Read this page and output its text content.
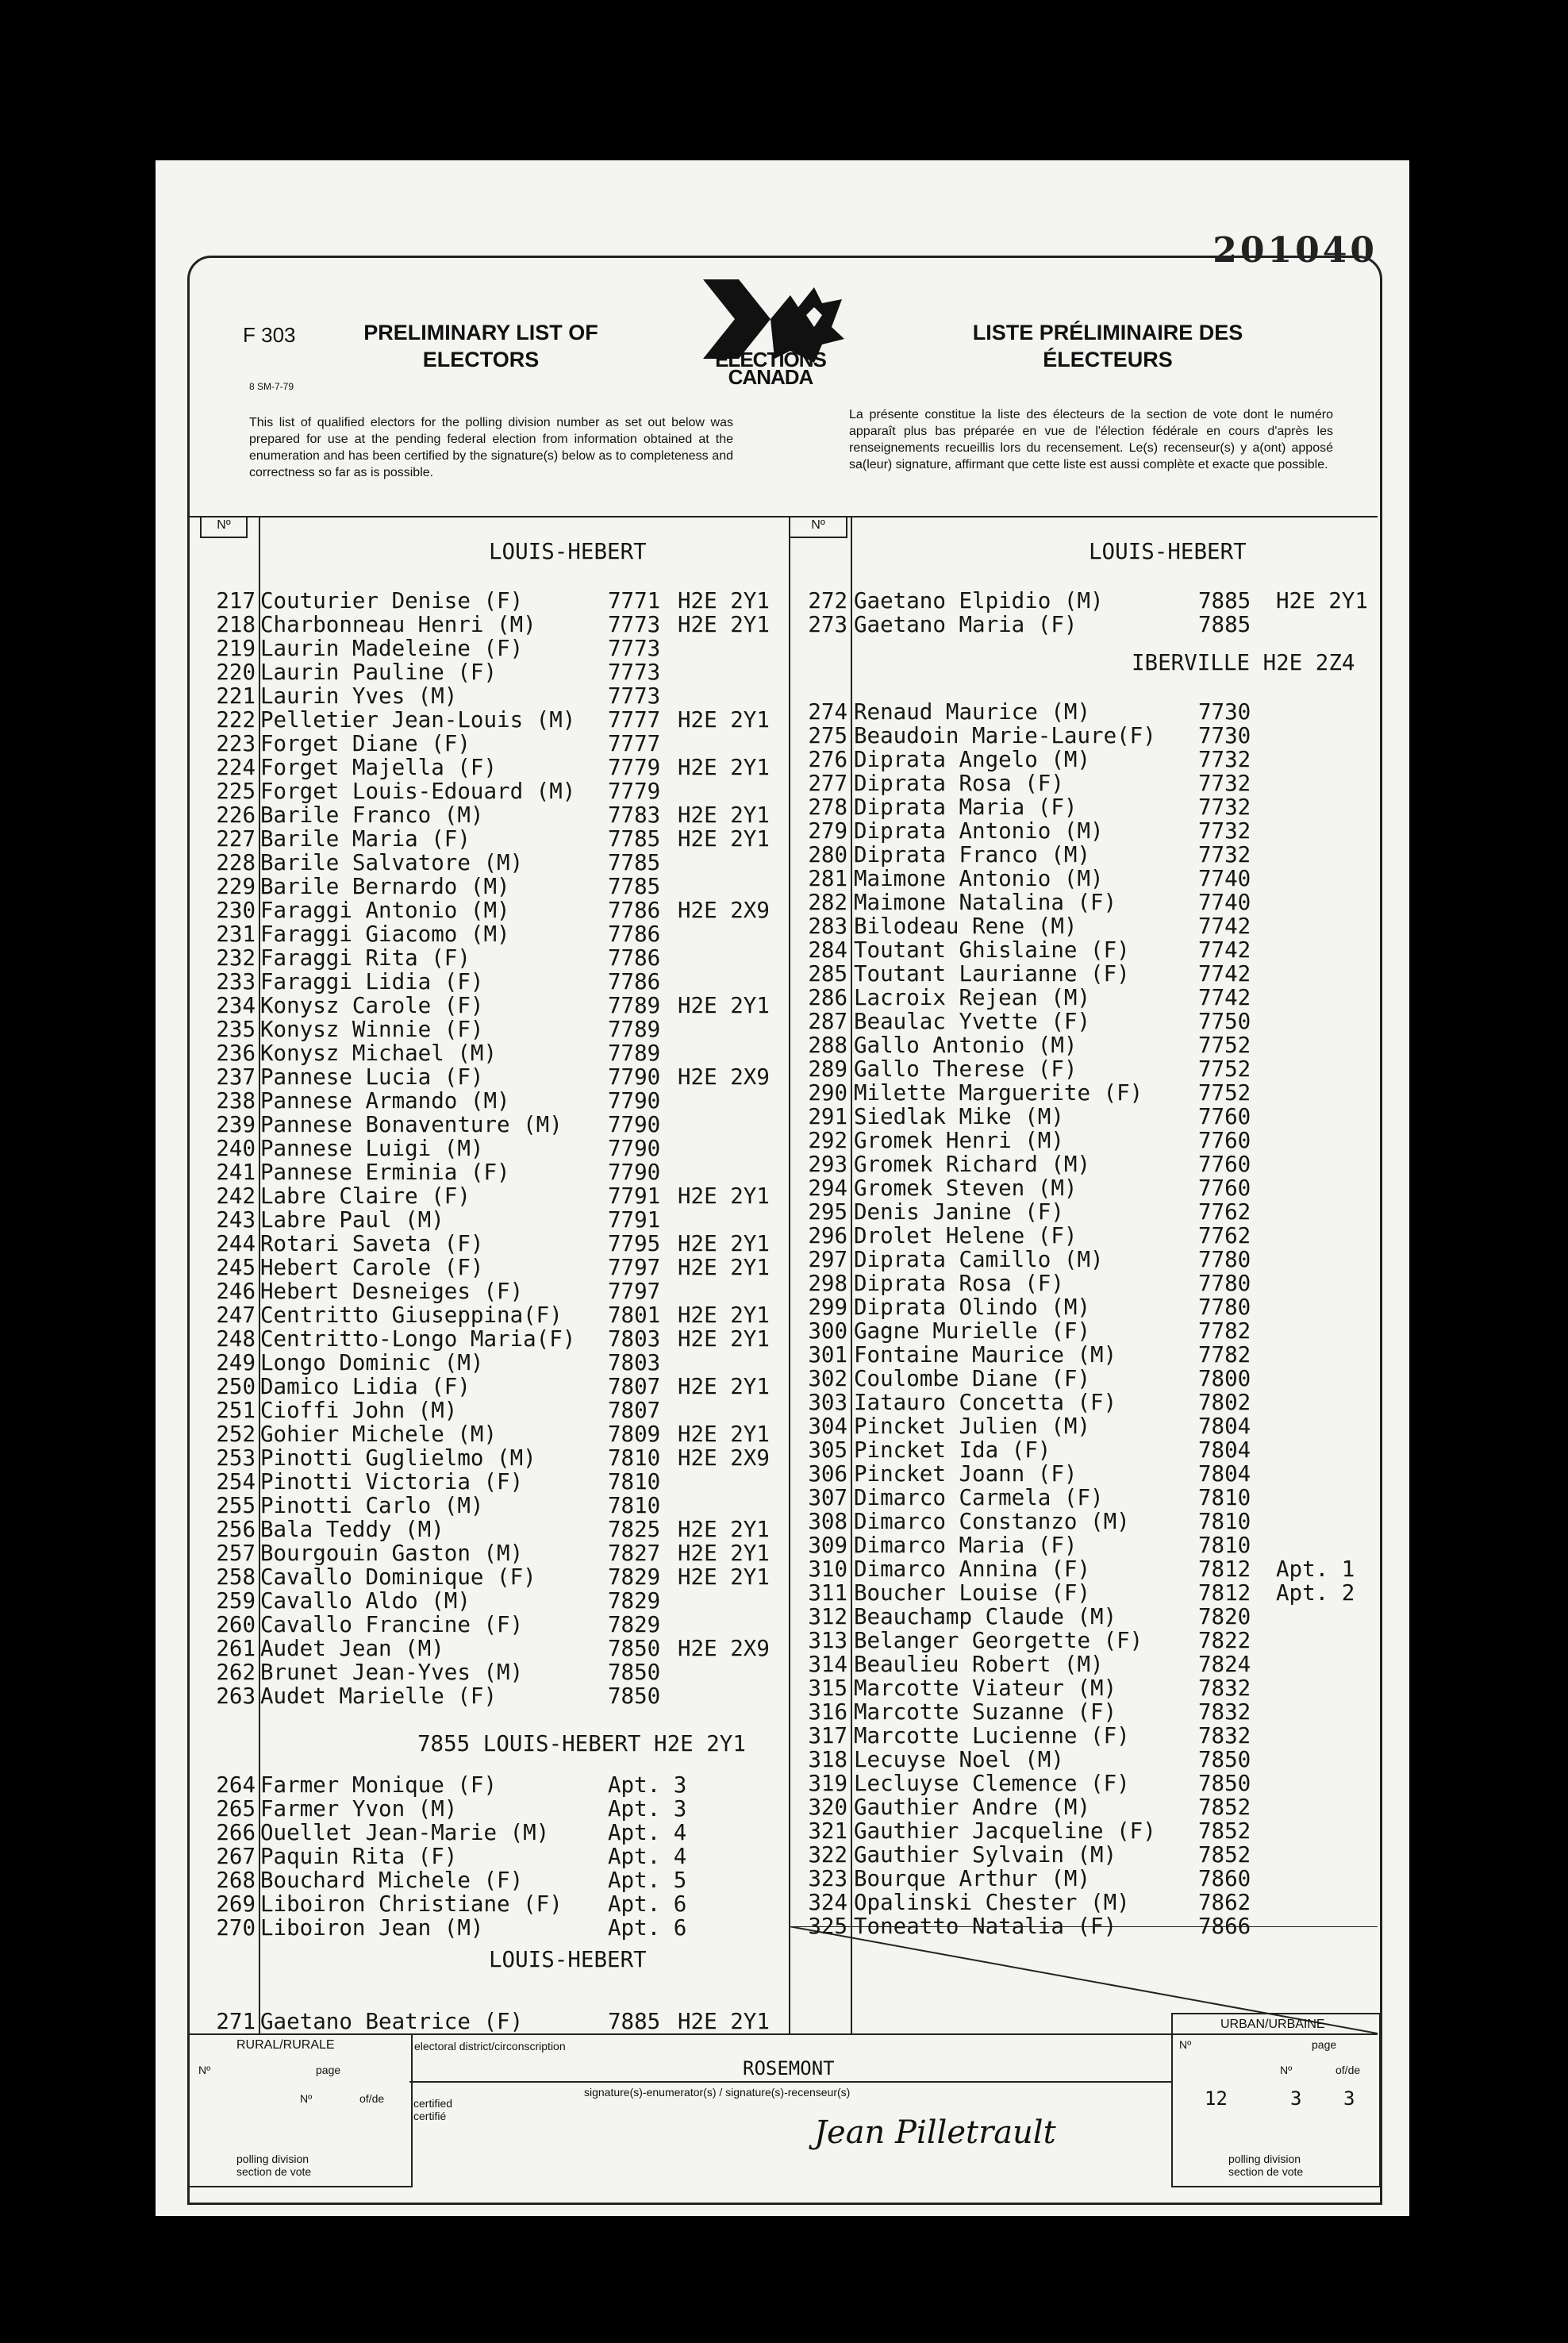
201040
F 303
8 SM-7-79
PRELIMINARY LIST OF
ELECTORS
LISTE PRÉLIMINAIRE DES
ÉLECTEURS
ELECTIONS
CANADA
This list of qualified electors for the polling division number as set out below was prepared for use at the pending federal election from information obtained at the enumeration and has been certified by the signature(s) below as to completeness and correctness so far as is possible.
La présente constitue la liste des électeurs de la section de vote dont le numéro apparaît plus bas préparée en vue de l'élection fédérale en cours d'après les renseignements recueillis lors du recensement. Le(s) recenseur(s) y a(ont) apposé sa(leur) signature, affirmant que cette liste est aussi complète et exacte que possible.
Nº	Nº
LOUIS-HEBERT
217 Couturier Denise (F)	7771 H2E 2Y1
218 Charbonneau Henri (M)	7773 H2E 2Y1
219 Laurin Madeleine (F)	7773
220 Laurin Pauline (F)	7773
221 Laurin Yves (M)	7773
222 Pelletier Jean-Louis (M) 7777 H2E 2Y1
223 Forget Diane (F)	7777
224 Forget Majella (F)	7779 H2E 2Y1
225 Forget Louis-Edouard (M) 7779
226 Barile Franco (M)	7783 H2E 2Y1
227 Barile Maria (F)	7785 H2E 2Y1
228 Barile Salvatore (M)	7785
229 Barile Bernardo (M)	7785
230 Faraggi Antonio (M)	7786 H2E 2X9
231 Faraggi Giacomo (M)	7786
232 Faraggi Rita (F)	7786
233 Faraggi Lidia (F)	7786
234 Konysz Carole (F)	7789 H2E 2Y1
235 Konysz Winnie (F)	7789
236 Konysz Michael (M)	7789
237 Pannese Lucia (F)	7790 H2E 2X9
238 Pannese Armando (M)	7790
239 Pannese Bonaventure (M) 7790
240 Pannese Luigi (M)	7790
241 Pannese Erminia (F)	7790
242 Labre Claire (F)	7791 H2E 2Y1
243 Labre Paul (M)	7791
244 Rotari Saveta (F)	7795 H2E 2Y1
245 Hebert Carole (F)	7797 H2E 2Y1
246 Hebert Desneiges (F)	7797
247 Centritto Giuseppina(F) 7801 H2E 2Y1
248 Centritto-Longo Maria(F) 7803 H2E 2Y1
249 Longo Dominic (M)	7803
250 Damico Lidia (F)	7807 H2E 2Y1
251 Cioffi John (M)	7807
252 Gohier Michele (M)	7809 H2E 2Y1
253 Pinotti Guglielmo (M)	7810 H2E 2X9
254 Pinotti Victoria (F)	7810
255 Pinotti Carlo (M)	7810
256 Bala Teddy (M)	7825 H2E 2Y1
257 Bourgouin Gaston (M)	7827 H2E 2Y1
258 Cavallo Dominique (F)	7829 H2E 2Y1
259 Cavallo Aldo (M)	7829
260 Cavallo Francine (F)	7829
261 Audet Jean (M)	7850 H2E 2X9
262 Brunet Jean-Yves (M)	7850
263 Audet Marielle (F)	7850
7855 LOUIS-HEBERT H2E 2Y1
264 Farmer Monique (F)	Apt. 3
265 Farmer Yvon (M)	Apt. 3
266 Ouellet Jean-Marie (M)	Apt. 4
267 Paquin Rita (F)	Apt. 4
268 Bouchard Michele (F)	Apt. 5
269 Liboiron Christiane (F) Apt. 6
270 Liboiron Jean (M)	Apt. 6
LOUIS-HEBERT
271 Gaetano Beatrice (F)	7885 H2E 2Y1
LOUIS-HEBERT
272 Gaetano Elpidio (M)	7885 H2E 2Y1
273 Gaetano Maria (F)	7885
IBERVILLE H2E 2Z4
274 Renaud Maurice (M)	7730
275 Beaudoin Marie-Laure(F) 7730
276 Diprata Angelo (M)	7732
277 Diprata Rosa (F)	7732
278 Diprata Maria (F)	7732
279 Diprata Antonio (M)	7732
280 Diprata Franco (M)	7732
281 Maimone Antonio (M)	7740
282 Maimone Natalina (F)	7740
283 Bilodeau Rene (M)	7742
284 Toutant Ghislaine (F)	7742
285 Toutant Laurianne (F)	7742
286 Lacroix Rejean (M)	7742
287 Beaulac Yvette (F)	7750
288 Gallo Antonio (M)	7752
289 Gallo Therese (F)	7752
290 Milette Marguerite (F)	7752
291 Siedlak Mike (M)	7760
292 Gromek Henri (M)	7760
293 Gromek Richard (M)	7760
294 Gromek Steven (M)	7760
295 Denis Janine (F)	7762
296 Drolet Helene (F)	7762
297 Diprata Camillo (M)	7780
298 Diprata Rosa (F)	7780
299 Diprata Olindo (M)	7780
300 Gagne Murielle (F)	7782
301 Fontaine Maurice (M)	7782
302 Coulombe Diane (F)	7800
303 Iatauro Concetta (F)	7802
304 Pincket Julien (M)	7804
305 Pincket Ida (F)	7804
306 Pincket Joann (F)	7804
307 Dimarco Carmela (F)	7810
308 Dimarco Constanzo (M)	7810
309 Dimarco Maria (F)	7810
310 Dimarco Annina (F)	7812 Apt. 1
311 Boucher Louise (F)	7812 Apt. 2
312 Beauchamp Claude (M)	7820
313 Belanger Georgette (F)	7822
314 Beaulieu Robert (M)	7824
315 Marcotte Viateur (M)	7832
316 Marcotte Suzanne (F)	7832
317 Marcotte Lucienne (F)	7832
318 Lecuyse Noel (M)	7850
319 Lecluyse Clemence (F)	7850
320 Gauthier Andre (M)	7852
321 Gauthier Jacqueline (F) 7852
322 Gauthier Sylvain (M)	7852
323 Bourque Arthur (M)	7860
324 Opalinski Chester (M)	7862
325 Toneatto Natalia (F)	7866
RURAL/RURALE
Nº	page
Nº	of/de
polling division
section de vote
electoral district/circonscription
ROSEMONT
certified
certifié
signature(s)-enumerator(s) / signature(s)-recenseur(s)
Jean Pilletrault
URBAN/URBAINE
Nº	page
Nº	of/de
12	3 3
polling division
section de vote
